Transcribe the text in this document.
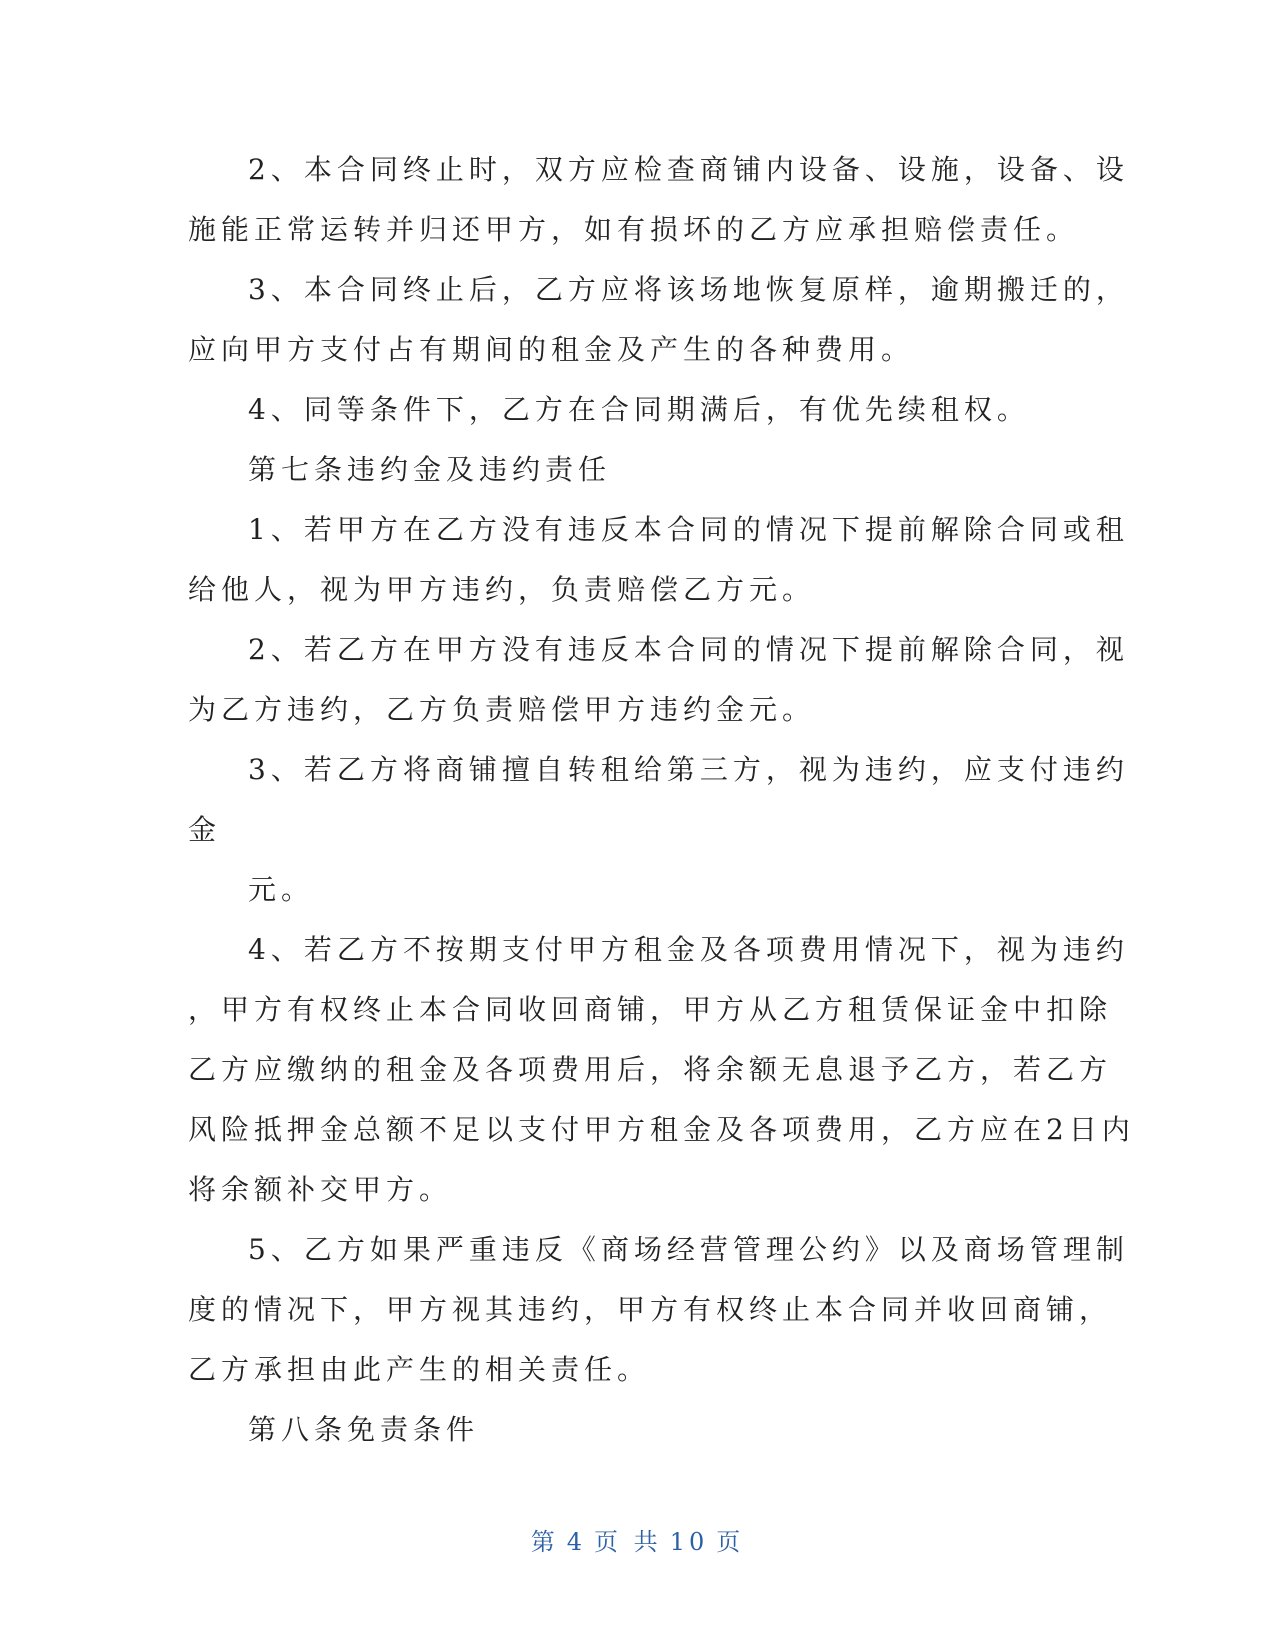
2、本合同终止时，双方应检查商铺内设备、设施，设备、设
施能正常运转并归还甲方，如有损坏的乙方应承担赔偿责任。
3、本合同终止后，乙方应将该场地恢复原样，逾期搬迁的，
应向甲方支付占有期间的租金及产生的各种费用。
4、同等条件下，乙方在合同期满后，有优先续租权。
第七条违约金及违约责任
1、若甲方在乙方没有违反本合同的情况下提前解除合同或租
给他人，视为甲方违约，负责赔偿乙方元。
2、若乙方在甲方没有违反本合同的情况下提前解除合同，视
为乙方违约，乙方负责赔偿甲方违约金元。
3、若乙方将商铺擅自转租给第三方，视为违约，应支付违约
金
元。
4、若乙方不按期支付甲方租金及各项费用情况下，视为违约
，甲方有权终止本合同收回商铺，甲方从乙方租赁保证金中扣除
乙方应缴纳的租金及各项费用后，将余额无息退予乙方，若乙方
风险抵押金总额不足以支付甲方租金及各项费用，乙方应在2日内
将余额补交甲方。
5、乙方如果严重违反《商场经营管理公约》以及商场管理制
度的情况下，甲方视其违约，甲方有权终止本合同并收回商铺，
乙方承担由此产生的相关责任。
第八条免责条件
第 4 页 共 10 页
